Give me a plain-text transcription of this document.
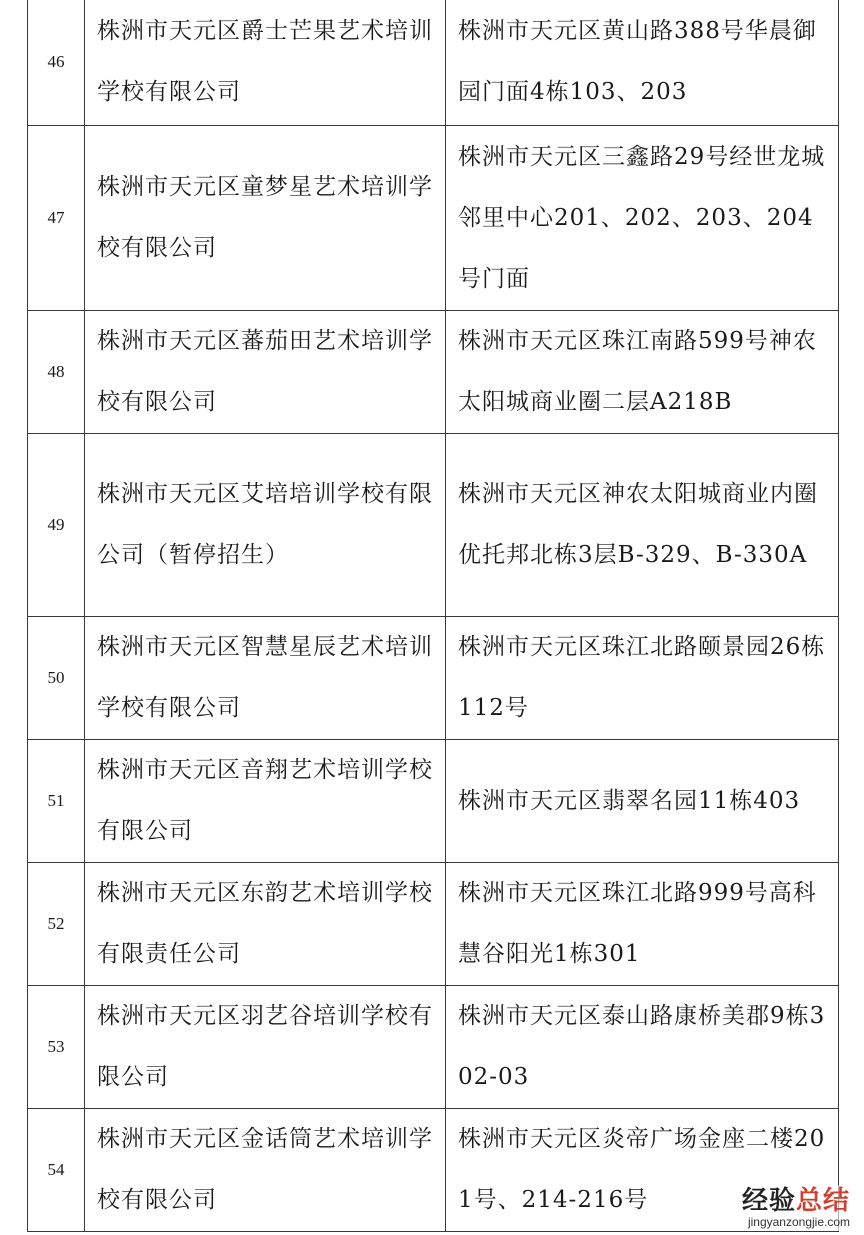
46	株洲市天元区爵士芒果艺术培训学校有限公司	株洲市天元区黄山路388号华晨御园门面4栋103、203
47	株洲市天元区童梦星艺术培训学校有限公司	株洲市天元区三鑫路29号经世龙城邻里中心201、202、203、204号门面
48	株洲市天元区蕃茄田艺术培训学校有限公司	株洲市天元区珠江南路599号神农太阳城商业圈二层A218B
49	株洲市天元区艾培培训学校有限公司（暂停招生）	株洲市天元区神农太阳城商业内圈优托邦北栋3层B-329、B-330A
50	株洲市天元区智慧星辰艺术培训学校有限公司	株洲市天元区珠江北路颐景园26栋112号
51	株洲市天元区音翔艺术培训学校有限公司	株洲市天元区翡翠名园11栋403
52	株洲市天元区东韵艺术培训学校有限责任公司	株洲市天元区珠江北路999号高科慧谷阳光1栋301
53	株洲市天元区羽艺谷培训学校有限公司	株洲市天元区泰山路康桥美郡9栋302-03
54	株洲市天元区金话筒艺术培训学校有限公司	株洲市天元区炎帝广场金座二楼201号、214-216号	经验总结
jingyanzongjie.com
